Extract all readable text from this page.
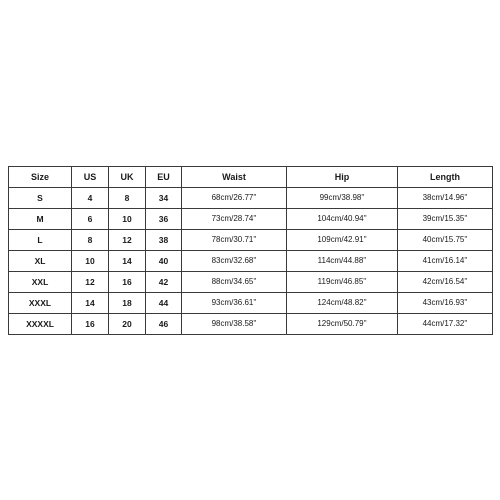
Size	US	UK	EU	Waist	Hip	Length
S	4	8	34	68cm/26.77''	99cm/38.98''	38cm/14.96''
M	6	10	36	73cm/28.74''	104cm/40.94''	39cm/15.35''
L	8	12	38	78cm/30.71''	109cm/42.91''	40cm/15.75''
XL	10	14	40	83cm/32.68''	114cm/44.88''	41cm/16.14''
XXL	12	16	42	88cm/34.65''	119cm/46.85''	42cm/16.54''
XXXL	14	18	44	93cm/36.61''	124cm/48.82''	43cm/16.93''
XXXXL	16	20	46	98cm/38.58''	129cm/50.79''	44cm/17.32''
